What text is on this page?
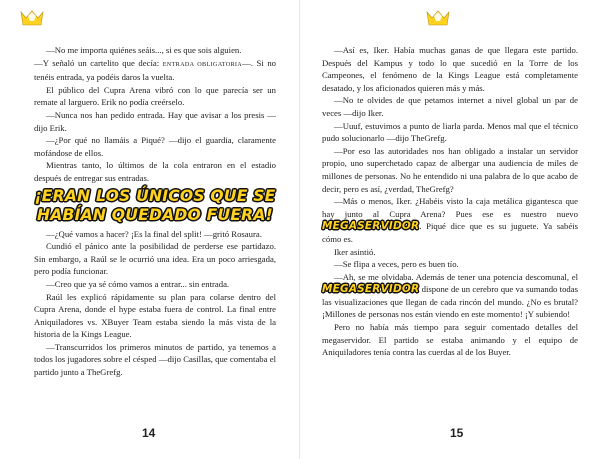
—No me importa quiénes seáis..., si es que sois alguien.

—Y señaló un cartelito que decía: ENTRADA OBLIGATORIA—. Si no tenéis entrada, ya podéis daros la vuelta.

El público del Cupra Arena vibró con lo que parecía ser un remate al larguero. Erik no podía creérselo.

—Nunca nos han pedido entrada. Hay que avisar a los presis —dijo Erik.

—¿Por qué no llamáis a Piqué? —dijo el guardia, claramente mofándose de ellos.

Mientras tanto, lo últimos de la cola entraron en el estadio después de entregar sus entradas.

¡ERAN LOS ÚNICOS QUE SE
HABÍAN QUEDADO FUERA!

—¿Qué vamos a hacer? ¡Es la final del split! —gritó Rosaura.

Cundió el pánico ante la posibilidad de perderse ese partidazo. Sin embargo, a Raúl se le ocurrió una idea. Era un poco arriesgada, pero podía funcionar.

—Creo que ya sé cómo vamos a entrar... sin entrada.

Raúl les explicó rápidamente su plan para colarse dentro del Cupra Arena, donde el hype estaba fuera de control. La final entre Aniquiladores vs. XBuyer Team estaba siendo la más vista de la historia de la Kings League.

—Transcurridos los primeros minutos de partido, ya tenemos a todos los jugadores sobre el césped —dijo Casillas, que comentaba el partido junto a TheGrefg.

14

—Así es, Iker. Había muchas ganas de que llegara este partido. Después del Kampus y todo lo que sucedió en la Torre de los Campeones, el fenómeno de la Kings League está completamente desatado, y los aficionados quieren más y más.

—No te olvides de que petamos internet a nivel global un par de veces —dijo Iker.

—Uuuf, estuvimos a punto de liarla parda. Menos mal que el técnico pudo solucionarlo —dijo TheGrefg.

—Por eso las autoridades nos han obligado a instalar un servidor propio, uno superchetado capaz de albergar una audiencia de miles de millones de personas. No he entendido ni una palabra de lo que acabo de decir, pero es así, ¿verdad, TheGrefg?

—Más o menos, Iker. ¿Habéis visto la caja metálica gigantesca que hay junto al Cupra Arena? Pues ese es nuestro nuevo MEGASERVIDOR. Piqué dice que es su juguete. Ya sabéis cómo es.

Iker asintió.

—Se flipa a veces, pero es buen tío.

—Ah, se me olvidaba. Además de tener una potencia descomunal, el MEGASERVIDOR dispone de un cerebro que va sumando todas las visualizaciones que llegan de cada rincón del mundo. ¿No es brutal? ¡Millones de personas nos están viendo en este momento! ¡Y subiendo!

Pero no había más tiempo para seguir comentado detalles del megaservidor. El partido se estaba animando y el equipo de Aniquiladores tenía contra las cuerdas al de los Buyer.

15
